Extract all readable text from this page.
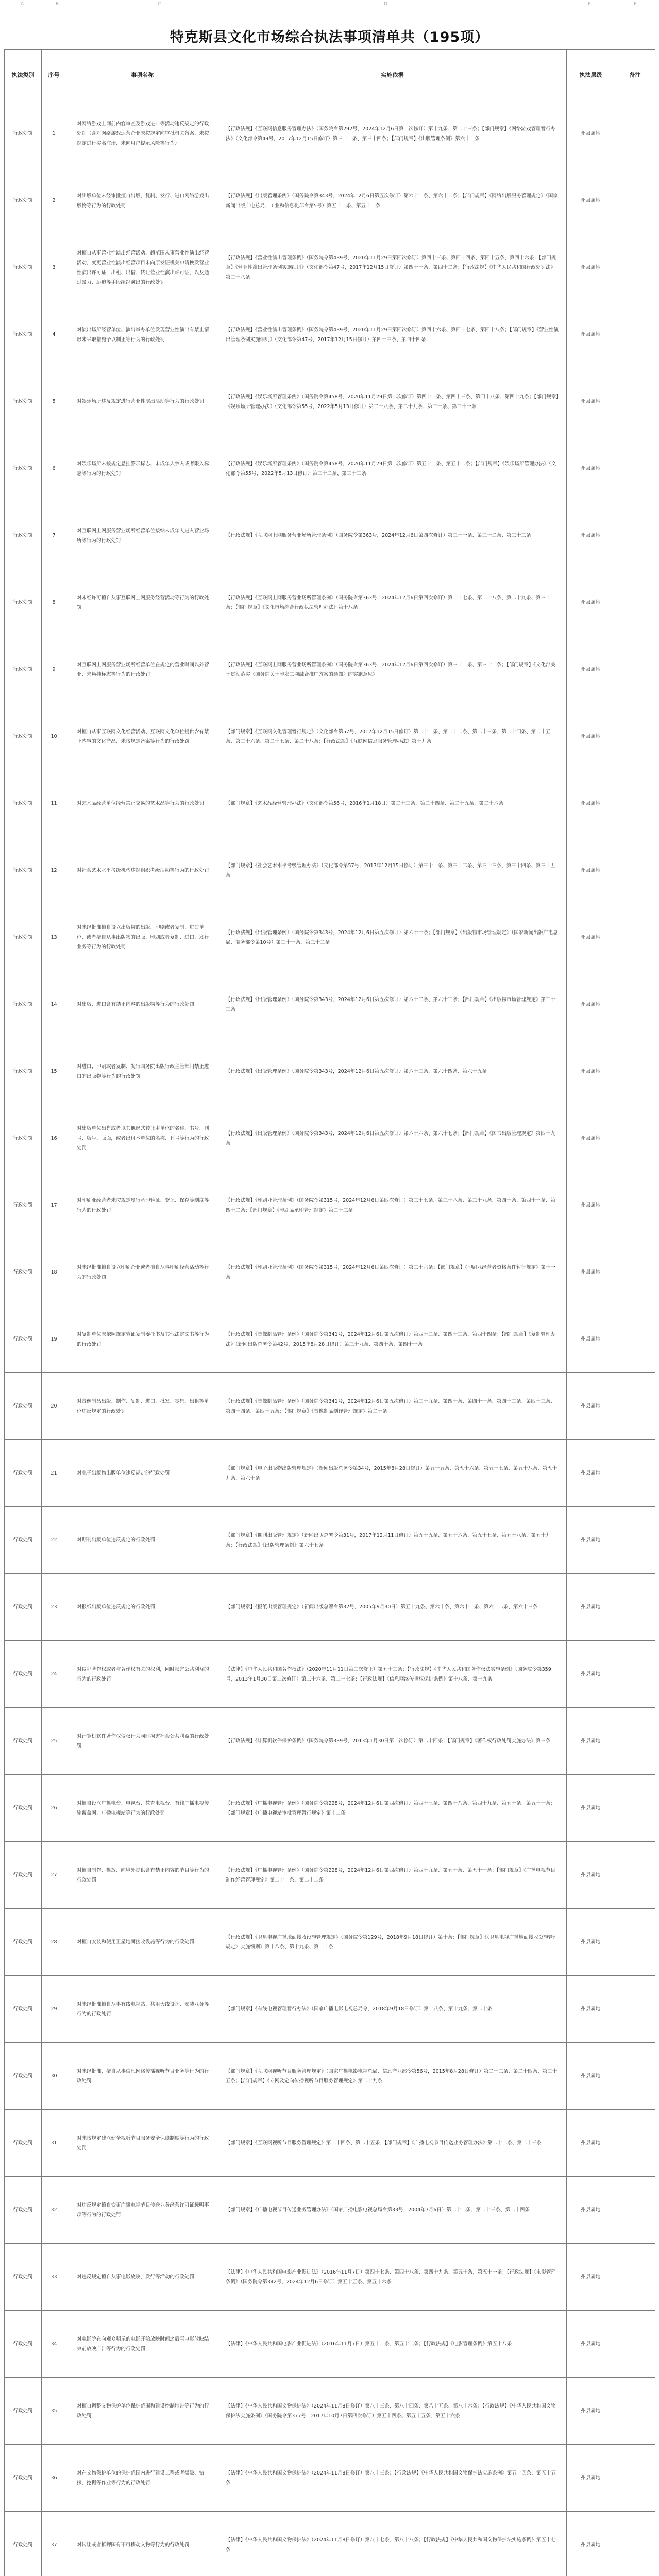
A	B	C	D	E	F
特克斯县文化市场综合执法事项清单共（195项）
执法类别	序号	事项名称	实施依据	执法层级	备注
行政处罚	1	对网络游戏上网前内容审查及游戏进口等活动违反规定的行政处罚（含对网络游戏运营企业未按规定向审批机关备案、未按规定进行实名注册、未向用户提示风险等行为）	【行政法规】《互联网信息服务管理办法》（国务院令第292号，2024年12月6日第二次修订）第十九条、第二十三条；【部门规章】《网络游戏管理暂行办法》（文化部令第49号，2017年12月15日修订）第三十一条、第三十四条；【部门规章】《出版管理条例》第六十一条	州县属地	
行政处罚	2	对出版单位未经审批擅自出版、复制、发行、进口网络游戏出版物等行为的行政处罚	【行政法规】《出版管理条例》（国务院令第343号，2024年12月6日第五次修订）第六十一条、第六十二条；【部门规章】《网络出版服务管理规定》（国家新闻出版广电总局、工业和信息化部令第5号）第五十一条、第五十二条	州县属地	
行政处罚	3	对擅自从事营业性演出经营活动、超范围从事营业性演出经营活动，变更营业性演出经营项目未向原发证机关申请换发营业性演出许可证，出租、出借、转让营业性演出许可证，以及通过暴力、胁迫等手段组织演出的行政处罚	【行政法规】《营业性演出管理条例》（国务院令第439号，2020年11月29日第四次修订）第四十三条、第四十四条、第四十五条、第四十六条；【部门规章】《营业性演出管理条例实施细则》（文化部令第47号，2017年12月15日修订）第四十一条、第四十二条；【行政法规】《中华人民共和国行政处罚法》第二十八条	州县属地	
行政处罚	4	对演出场所经营单位、演出举办单位发现营业性演出有禁止情形未采取措施予以制止等行为的行政处罚	【行政法规】《营业性演出管理条例》（国务院令第439号，2020年11月29日第四次修订）第四十六条、第四十七条、第四十八条；【部门规章】《营业性演出管理条例实施细则》（文化部令第47号，2017年12月15日修订）第四十三条、第四十四条	州县属地	
行政处罚	5	对娱乐场所违反规定进行营业性演出活动等行为的行政处罚	【行政法规】《娱乐场所管理条例》（国务院令第458号，2020年11月29日第二次修订）第四十一条、第四十三条、第四十八条、第四十九条；【部门规章】《娱乐场所管理办法》（文化部令第55号，2022年5月13日修订）第二十八条、第二十九条、第三十条、第三十一条	州县属地	
行政处罚	6	对娱乐场所未按规定悬挂警示标志、未成年人禁入或者限入标志等行为的行政处罚	【行政法规】《娱乐场所管理条例》（国务院令第458号，2020年11月29日第二次修订）第五十一条、第五十二条；【部门规章】《娱乐场所管理办法》（文化部令第55号，2022年5月13日修订）第三十二条、第三十三条	州县属地	
行政处罚	7	对互联网上网服务营业场所经营单位接纳未成年人进入营业场所等行为的行政处罚	【行政法规】《互联网上网服务营业场所管理条例》（国务院令第363号，2024年12月6日第四次修订）第三十一条、第三十二条、第三十三条	州县属地	
行政处罚	8	对未经许可擅自从事互联网上网服务经营活动等行为的行政处罚	【行政法规】《互联网上网服务营业场所管理条例》（国务院令第363号，2024年12月6日第四次修订）第二十七条、第二十八条、第二十九条、第三十条；【部门规章】《文化市场综合行政执法管理办法》第十八条	州县属地	
行政处罚	9	对互联网上网服务营业场所经营单位在规定的营业时间以外营业、未悬挂标志等行为的行政处罚	【行政法规】《互联网上网服务营业场所管理条例》（国务院令第363号，2024年12月6日第四次修订）第三十一条、第三十二条；【部门规章】《文化部关于贯彻落实〈国务院关于印发三网融合推广方案的通知〉的实施意见》	州县属地	
行政处罚	10	对擅自从事互联网文化经营活动、互联网文化单位提供含有禁止内容的文化产品、未按规定备案等行为的行政处罚	【部门规章】《互联网文化管理暂行规定》（文化部令第57号，2017年12月15日修订）第二十一条、第二十二条、第二十三条、第二十四条、第二十五条、第二十六条、第二十七条、第二十八条；【行政法规】《互联网信息服务管理办法》第十九条	州县属地	
行政处罚	11	对艺术品经营单位经营禁止交易的艺术品等行为的行政处罚	【部门规章】《艺术品经营管理办法》（文化部令第56号，2016年1月18日）第二十三条、第二十四条、第二十五条、第二十六条	州县属地	
行政处罚	12	对社会艺术水平考级机构违规组织考级活动等行为的行政处罚	【部门规章】《社会艺术水平考级管理办法》（文化部令第57号，2017年12月15日修订）第三十一条、第三十二条、第三十三条、第三十四条、第三十五条	州县属地	
行政处罚	13	对未经批准擅自设立出版物的出版、印刷或者复制、进口单位，或者擅自从事出版物的出版、印刷或者复制、进口、发行业务等行为的行政处罚	【行政法规】《出版管理条例》（国务院令第343号，2024年12月6日第五次修订）第六十一条；【部门规章】《出版物市场管理规定》（国家新闻出版广电总局、商务部令第10号）第三十一条、第三十二条	州县属地	
行政处罚	14	对出版、进口含有禁止内容的出版物等行为的行政处罚	【行政法规】《出版管理条例》（国务院令第343号，2024年12月6日第五次修订）第六十二条、第六十三条；【部门规章】《出版物市场管理规定》第三十三条	州县属地	
行政处罚	15	对进口、印刷或者复制、发行国务院出版行政主管部门禁止进口的出版物等行为的行政处罚	【行政法规】《出版管理条例》（国务院令第343号，2024年12月6日第五次修订）第六十三条、第六十四条、第六十五条	州县属地	
行政处罚	16	对出版单位出售或者以其他形式转让本单位的名称、书号、刊号、版号、版面，或者出租本单位的名称、刊号等行为的行政处罚	【行政法规】《出版管理条例》（国务院令第343号，2024年12月6日第五次修订）第六十六条、第六十七条；【部门规章】《图书出版管理规定》第四十九条	州县属地	
行政处罚	17	对印刷业经营者未按规定履行承印验证、登记、保存等制度等行为的行政处罚	【行政法规】《印刷业管理条例》（国务院令第315号，2024年12月6日第四次修订）第三十七条、第三十八条、第三十九条、第四十条、第四十一条、第四十二条；【部门规章】《印刷品承印管理规定》第二十三条	州县属地	
行政处罚	18	对未经批准擅自设立印刷企业或者擅自从事印刷经营活动等行为的行政处罚	【行政法规】《印刷业管理条例》（国务院令第315号，2024年12月6日第四次修订）第三十六条；【部门规章】《印刷业经营者资格条件暂行规定》第十一条	州县属地	
行政处罚	19	对复制单位未依照规定验证复制委托书及其他法定文书等行为的行政处罚	【行政法规】《音像制品管理条例》（国务院令第341号，2024年12月6日第五次修订）第四十二条、第四十三条、第四十四条；【部门规章】《复制管理办法》（新闻出版总署令第42号，2015年8月28日修订）第三十九条、第四十条、第四十一条	州县属地	
行政处罚	20	对音像制品出版、制作、复制、进口、批发、零售、出租等单位违反规定的行政处罚	【行政法规】《音像制品管理条例》（国务院令第341号，2024年12月6日第五次修订）第三十九条、第四十条、第四十一条、第四十二条、第四十三条、第四十四条、第四十五条；【部门规章】《音像制品制作管理规定》第二十条	州县属地	
行政处罚	21	对电子出版物出版单位违反规定的行政处罚	【部门规章】《电子出版物出版管理规定》（新闻出版总署令第34号，2015年8月28日修订）第五十五条、第五十六条、第五十七条、第五十八条、第五十九条、第六十条	州县属地	
行政处罚	22	对期刊出版单位违反规定的行政处罚	【部门规章】《期刊出版管理规定》（新闻出版总署令第31号，2017年12月11日修订）第五十五条、第五十六条、第五十七条、第五十八条、第五十九条；【行政法规】《出版管理条例》第六十七条	州县属地	
行政处罚	23	对报纸出版单位违反规定的行政处罚	【部门规章】《报纸出版管理规定》（新闻出版总署令第32号，2005年9月30日）第五十九条、第六十条、第六十一条、第六十二条、第六十三条	州县属地	
行政处罚	24	对侵犯著作权或者与著作权有关的权利，同时损害公共利益的行为的行政处罚	【法律】《中华人民共和国著作权法》（2020年11月11日第三次修正）第五十三条；【行政法规】《中华人民共和国著作权法实施条例》（国务院令第359号，2013年1月30日第二次修订）第三十六条、第三十七条；【行政法规】《信息网络传播权保护条例》第十八条、第十九条	州县属地	
行政处罚	25	对计算机软件著作权侵权行为同时损害社会公共利益的行政处罚	【行政法规】《计算机软件保护条例》（国务院令第339号，2013年1月30日第二次修订）第二十四条；【部门规章】《著作权行政处罚实施办法》第三条	州县属地	
行政处罚	26	对擅自设立广播电台、电视台、教育电视台、有线广播电视传输覆盖网、广播电视站等行为的行政处罚	【行政法规】《广播电视管理条例》（国务院令第228号，2024年12月6日第四次修订）第四十七条、第四十八条、第四十九条、第五十条、第五十一条；【部门规章】《广播电视站审批管理暂行规定》第十二条	州县属地	
行政处罚	27	对擅自制作、播放、向境外提供含有禁止内容的节目等行为的行政处罚	【行政法规】《广播电视管理条例》（国务院令第228号，2024年12月6日第四次修订）第四十九条、第五十条、第五十一条；【部门规章】《广播电视节目制作经营管理规定》第二十一条、第二十二条	州县属地	
行政处罚	28	对擅自安装和使用卫星地面接收设施等行为的行政处罚	【行政法规】《卫星电视广播地面接收设施管理规定》（国务院令第129号，2018年9月18日修订）第十条；【部门规章】《〈卫星电视广播地面接收设施管理规定〉实施细则》第十八条、第十九条、第二十条	州县属地	
行政处罚	29	对未经批准擅自从事有线电视站、共用天线设计、安装业务等行为的行政处罚	【部门规章】《有线电视管理暂行办法》（国家广播电影电视总局令，2018年9月18日修订）第十八条、第十九条、第二十条	州县属地	
行政处罚	30	对未经批准，擅自从事信息网络传播视听节目业务等行为的行政处罚	【部门规章】《互联网视听节目服务管理规定》（国家广播电影电视总局、信息产业部令第56号，2015年8月28日修订）第二十三条、第二十四条、第二十五条；【部门规章】《专网及定向传播视听节目服务管理规定》第二十九条	州县属地	
行政处罚	31	对未按规定建立健全视听节目服务安全保障制度等行为的行政处罚	【部门规章】《互联网视听节目服务管理规定》第二十四条、第二十五条；【部门规章】《广播电视节目传送业务管理办法》第二十二条、第二十三条	州县属地	
行政处罚	32	对违反规定擅自变更广播电视节目传送业务经营许可证载明事项等行为的行政处罚	【部门规章】《广播电视节目传送业务管理办法》（国家广播电影电视总局令第33号，2004年7月6日）第二十二条、第二十三条、第二十四条	州县属地	
行政处罚	33	对违反规定擅自从事电影放映、发行等活动的行政处罚	【法律】《中华人民共和国电影产业促进法》（2016年11月7日）第四十七条、第四十八条、第四十九条、第五十条、第五十一条；【行政法规】《电影管理条例》（国务院令第342号，2024年12月6日修订）第五十五条、第五十六条	州县属地	
行政处罚	34	对电影院在向观众明示的电影开始放映时间之后至电影放映结束前放映广告等行为的行政处罚	【法律】《中华人民共和国电影产业促进法》（2016年11月7日）第五十一条、第五十二条；【行政法规】《电影管理条例》第五十八条	州县属地	
行政处罚	35	对擅自调整文物保护单位保护范围和建设控制地带等行为的行政处罚	【法律】《中华人民共和国文物保护法》（2024年11月8日修订）第八十三条、第八十四条、第八十五条、第八十六条；【行政法规】《中华人民共和国文物保护法实施条例》（国务院令第377号，2017年10月7日第四次修订）第五十四条、第五十五条、第五十六条	州县属地	
行政处罚	36	对在文物保护单位的保护范围内进行建设工程或者爆破、钻探、挖掘等作业等行为的行政处罚	【法律】《中华人民共和国文物保护法》（2024年11月8日修订）第八十三条；【行政法规】《中华人民共和国文物保护法实施条例》第五十四条、第五十五条	州县属地	
行政处罚	37	对转让或者抵押国有不可移动文物等行为的行政处罚	【法律】《中华人民共和国文物保护法》（2024年11月8日修订）第八十七条、第八十八条；【行政法规】《中华人民共和国文物保护法实施条例》第五十七条	州县属地	
